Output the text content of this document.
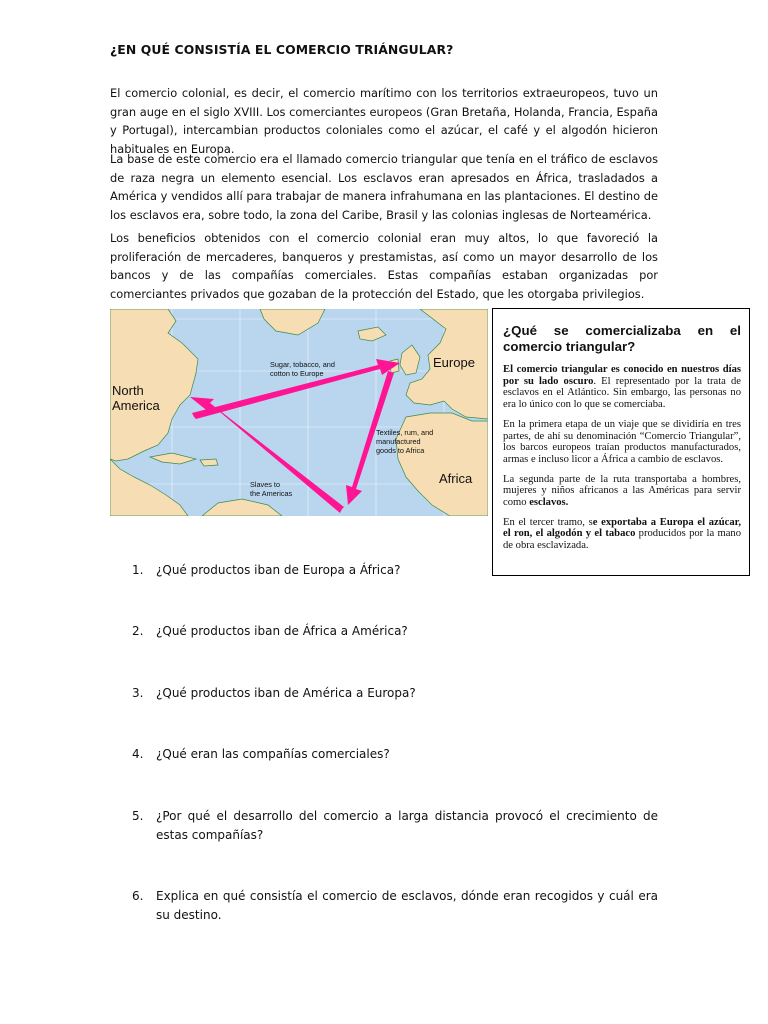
¿EN QUÉ CONSISTÍA EL COMERCIO TRIÁNGULAR?

El comercio colonial, es decir, el comercio marítimo con los territorios extraeuropeos, tuvo un gran auge en el siglo XVIII. Los comerciantes europeos (Gran Bretaña, Holanda, Francia, España y Portugal), intercambian productos coloniales como el azúcar, el café y el algodón hicieron habituales en Europa.

La base de este comercio era el llamado comercio triangular que tenía en el tráfico de esclavos de raza negra un elemento esencial. Los esclavos eran apresados en África, trasladados a América y vendidos allí para trabajar de manera infrahumana en las plantaciones. El destino de los esclavos era, sobre todo, la zona del Caribe, Brasil y las colonias inglesas de Norteamérica.

Los beneficios obtenidos con el comercio colonial eran muy altos, lo que favoreció la proliferación de mercaderes, banqueros y prestamistas, así como un mayor desarrollo de los bancos y de las compañías comerciales. Estas compañías estaban organizadas por comerciantes privados que gozaban de la protección del Estado, que les otorgaba privilegios.

North
America
Europe
Africa
Sugar, tobacco, and
cotton to Europe
Textiles, rum, and
manufactured
goods to Africa
Slaves to
the Americas
¿Qué se comercializaba en el comercio triangular?

El comercio triangular es conocido en nuestros días por su lado oscuro. El representado por la trata de esclavos en el Atlántico. Sin embargo, las personas no era lo único con lo que se comerciaba.

En la primera etapa de un viaje que se dividiría en tres partes, de ahí su denominación “Comercio Triangular”, los barcos europeos traían productos manufacturados, armas e incluso licor a África a cambio de esclavos.

La segunda parte de la ruta transportaba a hombres, mujeres y niños africanos a las Américas para servir como esclavos.

En el tercer tramo, se exportaba a Europa el azúcar, el ron, el algodón y el tabaco producidos por la mano de obra esclavizada.

1. ¿Qué productos iban de Europa a África?
2. ¿Qué productos iban de África a América?
3. ¿Qué productos iban de América a Europa?
4. ¿Qué eran las compañías comerciales?
5. ¿Por qué el desarrollo del comercio a larga distancia provocó el crecimiento de estas compañías?
6. Explica en qué consistía el comercio de esclavos, dónde eran recogidos y cuál era su destino.
